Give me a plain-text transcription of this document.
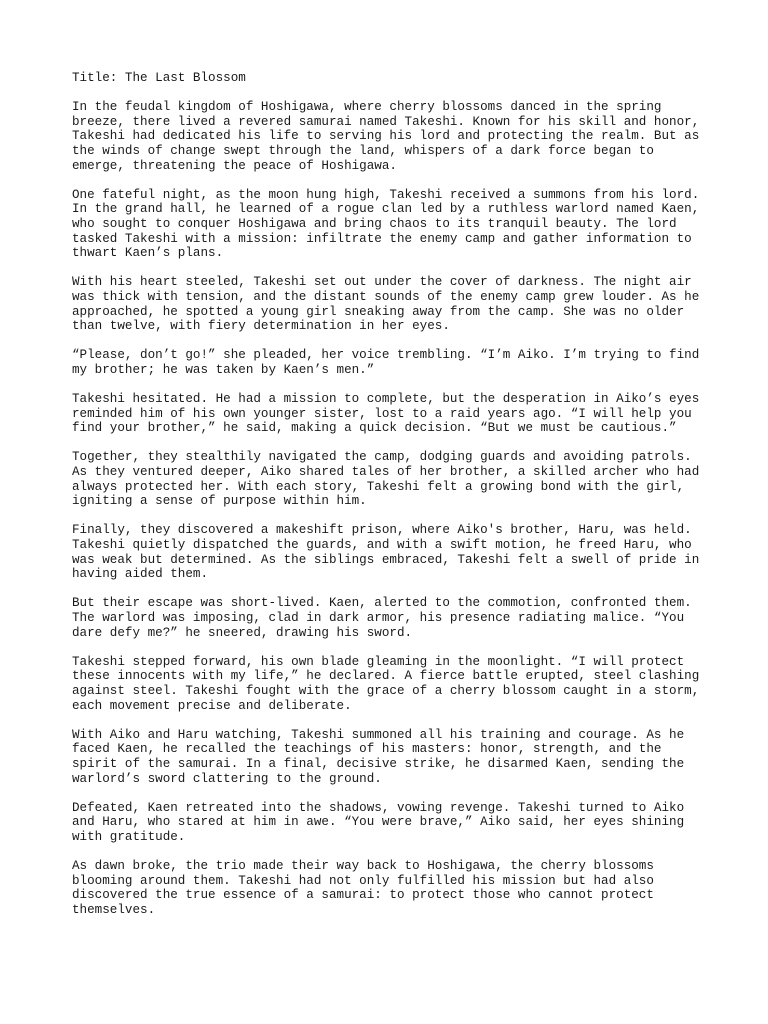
Title: The Last Blossom
In the feudal kingdom of Hoshigawa, where cherry blossoms danced in the spring
breeze, there lived a revered samurai named Takeshi. Known for his skill and honor,
Takeshi had dedicated his life to serving his lord and protecting the realm. But as
the winds of change swept through the land, whispers of a dark force began to
emerge, threatening the peace of Hoshigawa.
One fateful night, as the moon hung high, Takeshi received a summons from his lord.
In the grand hall, he learned of a rogue clan led by a ruthless warlord named Kaen,
who sought to conquer Hoshigawa and bring chaos to its tranquil beauty. The lord
tasked Takeshi with a mission: infiltrate the enemy camp and gather information to
thwart Kaen’s plans.
With his heart steeled, Takeshi set out under the cover of darkness. The night air
was thick with tension, and the distant sounds of the enemy camp grew louder. As he
approached, he spotted a young girl sneaking away from the camp. She was no older
than twelve, with fiery determination in her eyes.
“Please, don’t go!” she pleaded, her voice trembling. “I’m Aiko. I’m trying to find
my brother; he was taken by Kaen’s men.”
Takeshi hesitated. He had a mission to complete, but the desperation in Aiko’s eyes
reminded him of his own younger sister, lost to a raid years ago. “I will help you
find your brother,” he said, making a quick decision. “But we must be cautious.”
Together, they stealthily navigated the camp, dodging guards and avoiding patrols.
As they ventured deeper, Aiko shared tales of her brother, a skilled archer who had
always protected her. With each story, Takeshi felt a growing bond with the girl,
igniting a sense of purpose within him.
Finally, they discovered a makeshift prison, where Aiko's brother, Haru, was held.
Takeshi quietly dispatched the guards, and with a swift motion, he freed Haru, who
was weak but determined. As the siblings embraced, Takeshi felt a swell of pride in
having aided them.
But their escape was short-lived. Kaen, alerted to the commotion, confronted them.
The warlord was imposing, clad in dark armor, his presence radiating malice. “You
dare defy me?” he sneered, drawing his sword.
Takeshi stepped forward, his own blade gleaming in the moonlight. “I will protect
these innocents with my life,” he declared. A fierce battle erupted, steel clashing
against steel. Takeshi fought with the grace of a cherry blossom caught in a storm,
each movement precise and deliberate.
With Aiko and Haru watching, Takeshi summoned all his training and courage. As he
faced Kaen, he recalled the teachings of his masters: honor, strength, and the
spirit of the samurai. In a final, decisive strike, he disarmed Kaen, sending the
warlord’s sword clattering to the ground.
Defeated, Kaen retreated into the shadows, vowing revenge. Takeshi turned to Aiko
and Haru, who stared at him in awe. “You were brave,” Aiko said, her eyes shining
with gratitude.
As dawn broke, the trio made their way back to Hoshigawa, the cherry blossoms
blooming around them. Takeshi had not only fulfilled his mission but had also
discovered the true essence of a samurai: to protect those who cannot protect
themselves.
